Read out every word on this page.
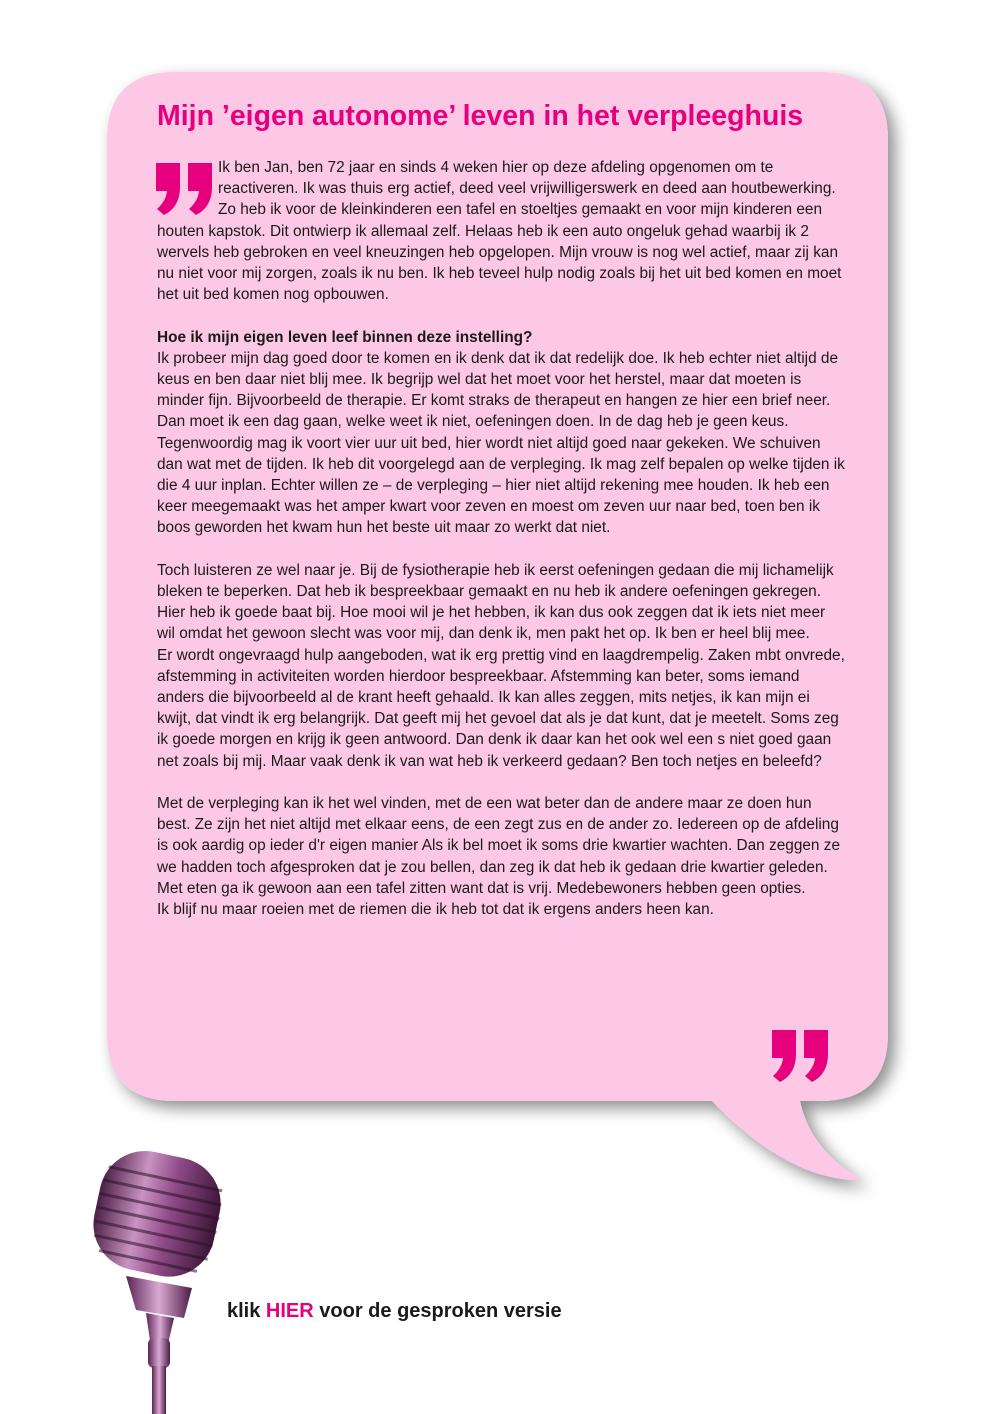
Mijn ’eigen autonome’ leven in het verpleeghuis

Ik ben Jan, ben 72 jaar en sinds 4 weken hier op deze afdeling opgenomen om te reactiveren. Ik was thuis erg actief, deed veel vrijwilligerswerk en deed aan houtbewerking. Zo heb ik voor de kleinkinderen een tafel en stoeltjes gemaakt en voor mijn kinderen een houten kapstok. Dit ontwierp ik allemaal zelf. Helaas heb ik een auto ongeluk gehad waarbij ik 2 wervels heb gebroken en veel kneuzingen heb opgelopen. Mijn vrouw is nog wel actief, maar zij kan nu niet voor mij zorgen, zoals ik nu ben. Ik heb teveel hulp nodig zoals bij het uit bed komen en moet het uit bed komen nog opbouwen.

Hoe ik mijn eigen leven leef binnen deze instelling?

Ik probeer mijn dag goed door te komen en ik denk dat ik dat redelijk doe. Ik heb echter niet altijd de keus en ben daar niet blij mee. Ik begrijp wel dat het moet voor het herstel, maar dat moeten is minder fijn. Bijvoorbeeld de therapie. Er komt straks de therapeut en hangen ze hier een brief neer. Dan moet ik een dag gaan, welke weet ik niet, oefeningen doen. In de dag heb je geen keus.

Tegenwoordig mag ik voort vier uur uit bed, hier wordt niet altijd goed naar gekeken. We schuiven dan wat met de tijden. Ik heb dit voorgelegd aan de verpleging. Ik mag zelf bepalen op welke tijden ik die 4 uur inplan. Echter willen ze – de verpleging – hier niet altijd rekening mee houden. Ik heb een keer meegemaakt was het amper kwart voor zeven en moest om zeven uur naar bed, toen ben ik boos geworden het kwam hun het beste uit maar zo werkt dat niet.

Toch luisteren ze wel naar je. Bij de fysiotherapie heb ik eerst oefeningen gedaan die mij lichamelijk bleken te beperken. Dat heb ik bespreekbaar gemaakt en nu heb ik andere oefeningen gekregen. Hier heb ik goede baat bij. Hoe mooi wil je het hebben, ik kan dus ook zeggen dat ik iets niet meer wil omdat het gewoon slecht was voor mij, dan denk ik, men pakt het op. Ik ben er heel blij mee.

Er wordt ongevraagd hulp aangeboden, wat ik erg prettig vind en laagdrempelig. Zaken mbt onvrede, afstemming in activiteiten worden hierdoor bespreekbaar. Afstemming kan beter, soms iemand anders die bijvoorbeeld al de krant heeft gehaald. Ik kan alles zeggen, mits netjes, ik kan mijn ei kwijt, dat vindt ik erg belangrijk. Dat geeft mij het gevoel dat als je dat kunt, dat je meetelt. Soms zeg ik goede morgen en krijg ik geen antwoord. Dan denk ik daar kan het ook wel een s niet goed gaan net zoals bij mij. Maar vaak denk ik van wat heb ik verkeerd gedaan? Ben toch netjes en beleefd?

Met de verpleging kan ik het wel vinden, met de een wat beter dan de andere maar ze doen hun best. Ze zijn het niet altijd met elkaar eens, de een zegt zus en de ander zo. Iedereen op de afdeling is ook aardig op ieder d'r eigen manier Als ik bel moet ik soms drie kwartier wachten. Dan zeggen ze we hadden toch afgesproken dat je zou bellen, dan zeg ik dat heb ik gedaan drie kwartier geleden.

Met eten ga ik gewoon aan een tafel zitten want dat is vrij. Medebewoners hebben geen opties.

Ik blijf nu maar roeien met de riemen die ik heb tot dat ik ergens anders heen kan.

klik HIER voor de gesproken versie
